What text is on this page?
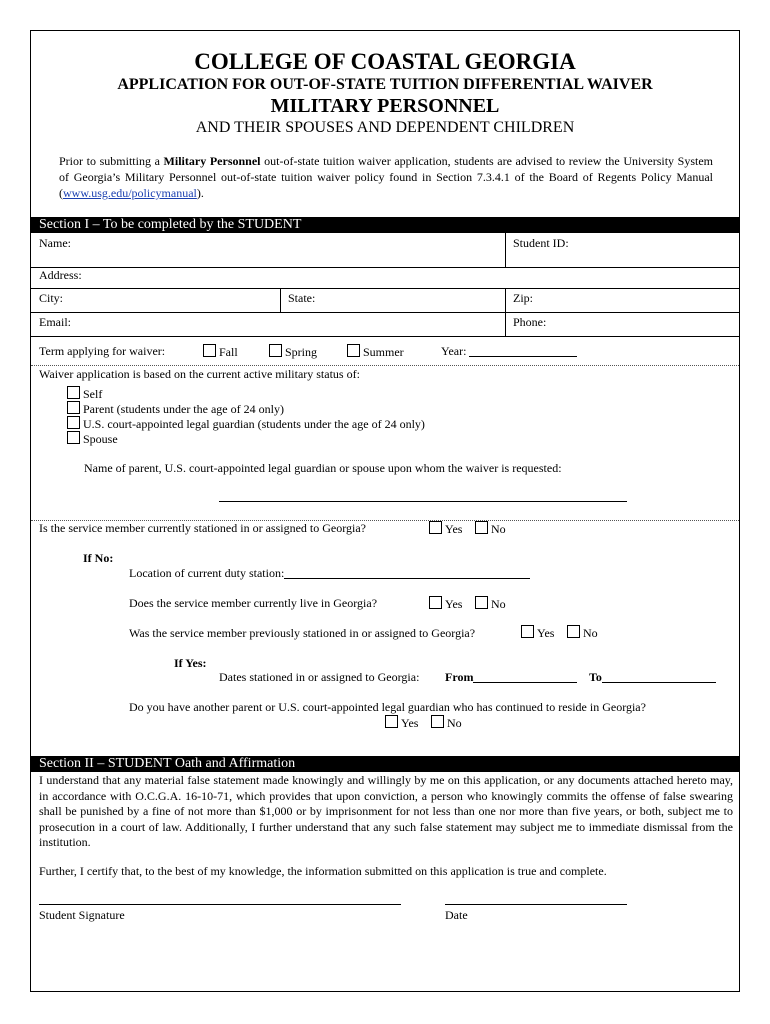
COLLEGE OF COASTAL GEORGIA
APPLICATION FOR OUT-OF-STATE TUITION DIFFERENTIAL WAIVER
MILITARY PERSONNEL
AND THEIR SPOUSES AND DEPENDENT CHILDREN
Prior to submitting a Military Personnel out-of-state tuition waiver application, students are advised to review the University System of Georgia’s Military Personnel out-of-state tuition waiver policy found in Section 7.3.4.1 of the Board of Regents Policy Manual (www.usg.edu/policymanual).
Section I – To be completed by the STUDENT
Name:	Student ID:
Address:
City:	State:	Zip:
Email:	Phone:
Term applying for waiver:	Fall	Spring	Summer	Year:
Waiver application is based on the current active military status of:
Self
Parent (students under the age of 24 only)
U.S. court-appointed legal guardian (students under the age of 24 only)
Spouse
Name of parent, U.S. court-appointed legal guardian or spouse upon whom the waiver is requested:
Is the service member currently stationed in or assigned to Georgia?	Yes	No
If No:
Location of current duty station:
Does the service member currently live in Georgia?	Yes	No
Was the service member previously stationed in or assigned to Georgia?	Yes	No
If Yes:
Dates stationed in or assigned to Georgia: From	To
Do you have another parent or U.S. court-appointed legal guardian who has continued to reside in Georgia?
Yes	No
Section II – STUDENT Oath and Affirmation
I understand that any material false statement made knowingly and willingly by me on this application, or any documents attached hereto may, in accordance with O.C.G.A. 16-10-71, which provides that upon conviction, a person who knowingly commits the offense of false swearing shall be punished by a fine of not more than $1,000 or by imprisonment for not less than one nor more than five years, or both, subject me to prosecution in a court of law. Additionally, I further understand that any such false statement may subject me to immediate dismissal from the institution.
Further, I certify that, to the best of my knowledge, the information submitted on this application is true and complete.
Student Signature	Date
